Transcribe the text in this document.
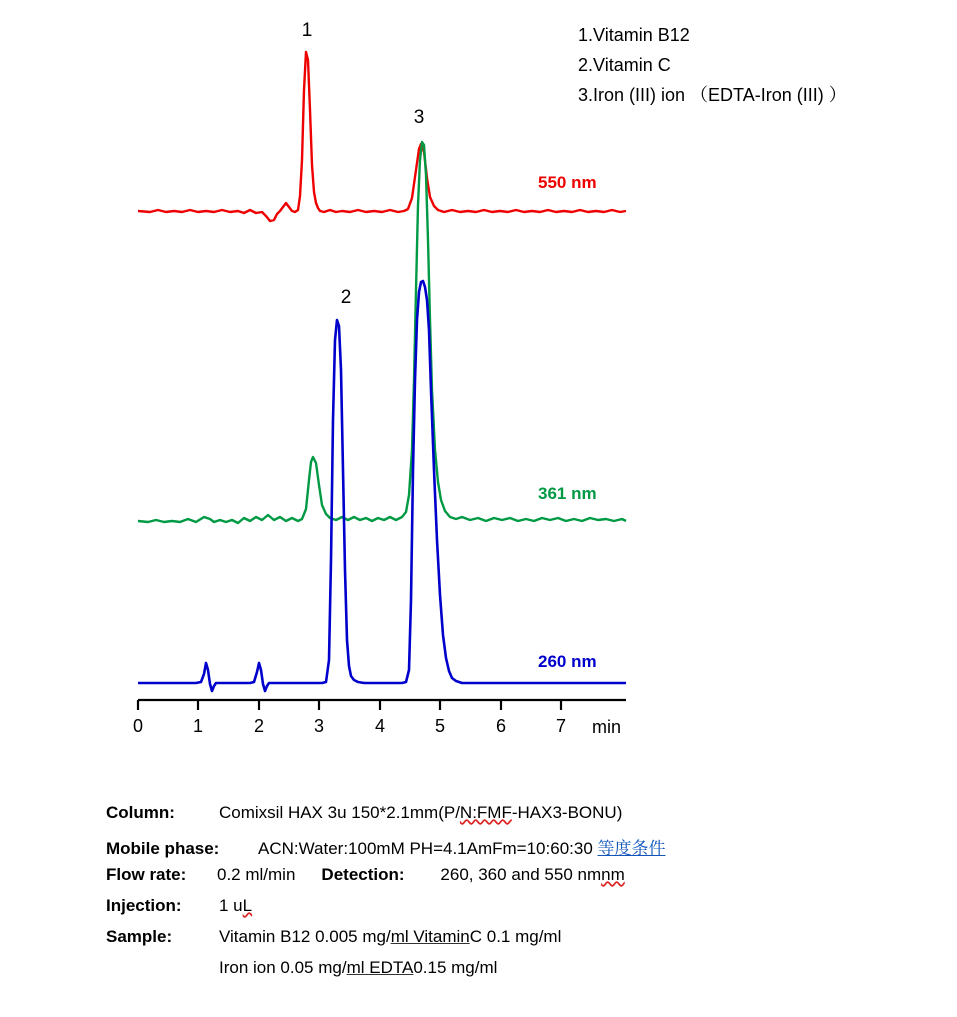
1.Vitamin B12
2.Vitamin C
3.Iron (III) ion （EDTA-Iron (III) ）
1
3
2
550 nm
361 nm
260 nm
0	1	2	3	4	5	6	7	min
Column:	Comixsil HAX 3u 150*2.1mm(P/ N:FMF -HAX3-BONU)
Mobile phase:	ACN:Water:100mM PH=4.1AmFm=10:60:30
等度条件
Flow rate:	0.2 ml/min Detection:	260, 360 and 550 nm nm
Injection:	1 u L
Sample:	Vitamin B12 0.005 mg/ ml Vitamin C 0.1 mg/ml
Iron ion 0.05 mg/ ml EDTA 0.15 mg/ml
